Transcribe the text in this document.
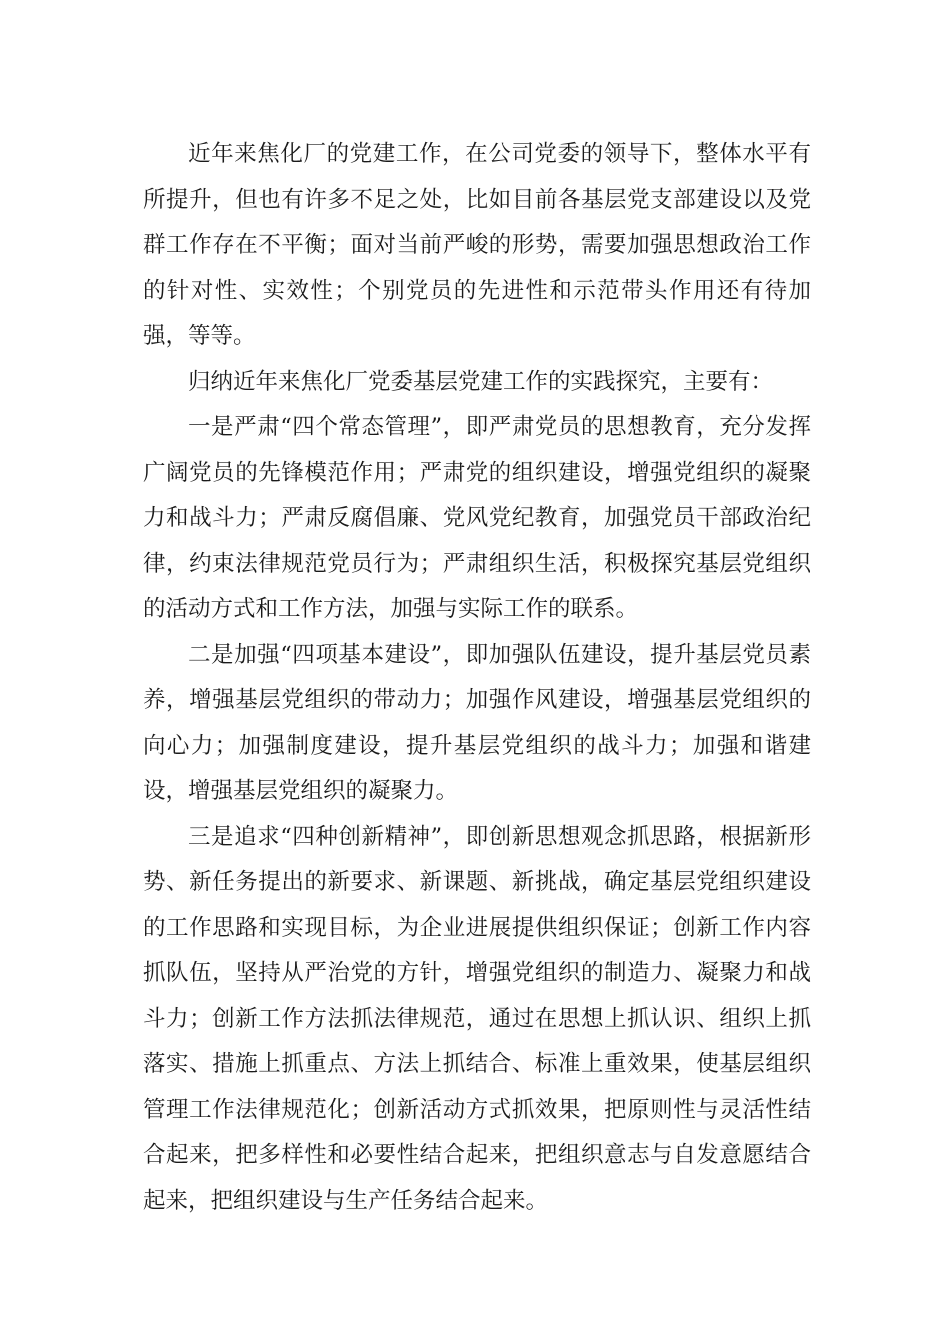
近年来焦化厂的党建工作，在公司党委的领导下，整体水平有所提升，但也有许多不足之处，比如目前各基层党支部建设以及党群工作存在不平衡；面对当前严峻的形势，需要加强思想政治工作的针对性、实效性；个别党员的先进性和示范带头作用还有待加强，等等。

归纳近年来焦化厂党委基层党建工作的实践探究，主要有：

一是严肃“四个常态管理”，即严肃党员的思想教育，充分发挥广阔党员的先锋模范作用；严肃党的组织建设，增强党组织的凝聚力和战斗力；严肃反腐倡廉、党风党纪教育，加强党员干部政治纪律，约束法律规范党员行为；严肃组织生活，积极探究基层党组织的活动方式和工作方法，加强与实际工作的联系。

二是加强“四项基本建设”，即加强队伍建设，提升基层党员素养，增强基层党组织的带动力；加强作风建设，增强基层党组织的向心力；加强制度建设，提升基层党组织的战斗力；加强和谐建设，增强基层党组织的凝聚力。

三是追求“四种创新精神”，即创新思想观念抓思路，根据新形势、新任务提出的新要求、新课题、新挑战，确定基层党组织建设的工作思路和实现目标，为企业进展提供组织保证；创新工作内容抓队伍，坚持从严治党的方针，增强党组织的制造力、凝聚力和战斗力；创新工作方法抓法律规范，通过在思想上抓认识、组织上抓落实、措施上抓重点、方法上抓结合、标准上重效果，使基层组织管理工作法律规范化；创新活动方式抓效果，把原则性与灵活性结合起来，把多样性和必要性结合起来，把组织意志与自发意愿结合起来，把组织建设与生产任务结合起来。
